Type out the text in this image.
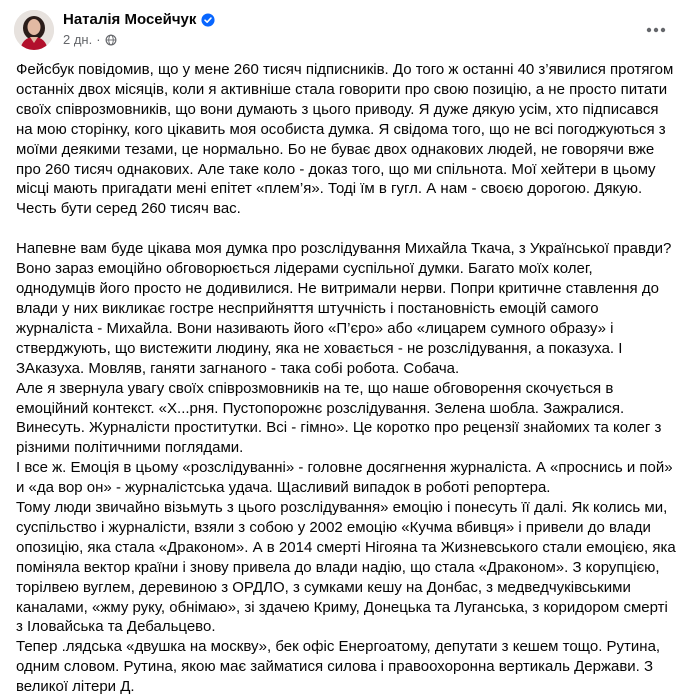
Наталія Мосейчук
2 дн. ·

Фейсбук повідомив, що у мене 260 тисяч підписників. До того ж останні 40 з’явилися протягом останніх двох місяців, коли я активніше стала говорити про свою позицію, а не просто питати своїх співрозмовників, що вони думають з цього приводу. Я дуже дякую усім, хто підписався на мою сторінку, кого цікавить моя особиста думка. Я свідома того, що не всі погоджуються з моїми деякими тезами, це нормально. Бо не буває двох однакових людей, не говорячи вже про 260 тисяч однакових. Але таке коло - доказ того, що ми спільнота. Мої хейтери в цьому місці мають пригадати мені епітет «плем’я». Тоді їм в гугл. А нам - своєю дорогою. Дякую. Честь бути серед 260 тисяч вас.

Напевне вам буде цікава моя думка про розслідування Михайла Ткача, з Української правди? Воно зараз емоційно обговорюється лідерами суспільної думки. Багато моїх колег, однодумців його просто не додивилися. Не витримали нерви. Попри критичне ставлення до влади у них викликає гостре несприйняття штучність і постановність емоцій самого журналіста - Михайла. Вони називають його «П’єро» або «лицарем сумного образу» і стверджують, що вистежити людину, яка не ховається - не розслідування, а показуха. І ЗАказуха. Мовляв, ганяти загнаного - така собі робота. Собача.

Але я звернула увагу своїх співрозмовників на те, що наше обговорення скочується в емоційний контекст. «Х...рня. Пустопорожнє розслідування. Зелена шобла. Зажралися. Винесуть. Журналісти проститутки. Всі - гімно». Це коротко про рецензії знайомих та колег з різними політичними поглядами.

І все ж. Емоція в цьому «розслідуванні» - головне досягнення журналіста. А «проснись и пой» и «да вор он» - журналістська удача. Щасливий випадок в роботі репортера.

Тому люди звичайно візьмуть з цього розслідування» емоцію і понесуть її далі. Як колись ми, суспільство і журналісти, взяли з собою у 2002 емоцію «Кучма вбивця» і привели до влади опозицію, яка стала «Драконом». А в 2014 смерті Нігояна та Жизневського стали емоцією, яка поміняла вектор країни і знову привела до влади надію, що стала «Драконом». З корупцією, торілвею вуглем, деревиною з ОРДЛО, з сумками кешу на Донбас, з медведчуківськими каналами, «жму руку, обнімаю», зі здачею Криму, Донецька та Луганська, з коридором смерті з Іловайська та Дебальцево.

Тепер .лядська «двушка на москву», бек офіс Енергоатому, депутати з кешем тощо. Рутина, одним словом. Рутина, якою має займатися силова і правоохоронна вертикаль Держави. З великої літери Д.
